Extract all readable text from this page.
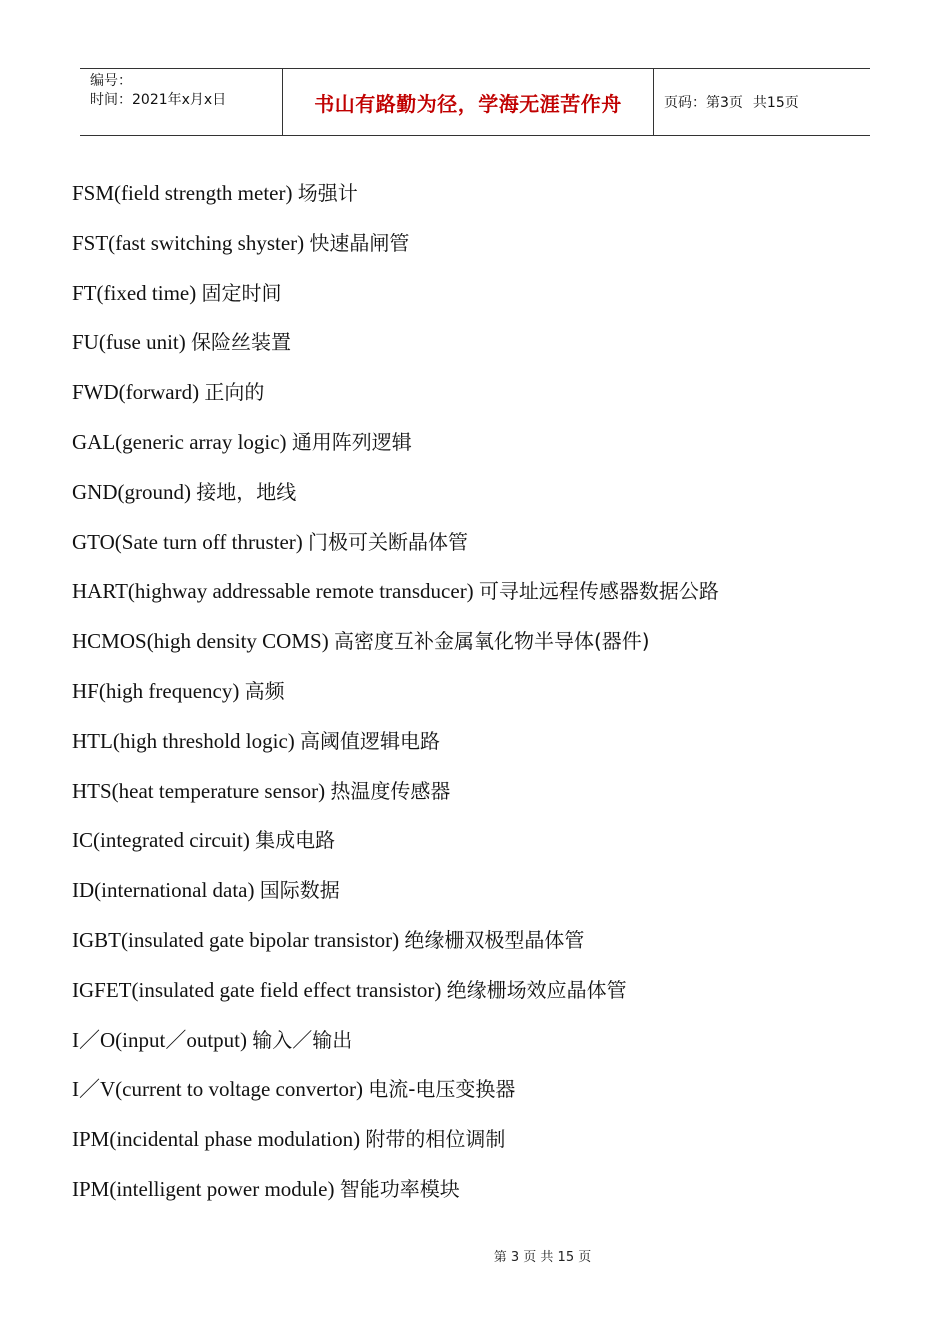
编号：
时间：2021年x月x日	书山有路勤为径，学海无涯苦作舟	页码：第3页 共15页
FSM(field strength meter) 场强计
FST(fast switching shyster) 快速晶闸管
FT(fixed time) 固定时间
FU(fuse unit) 保险丝装置
FWD(forward) 正向的
GAL(generic array logic) 通用阵列逻辑
GND(ground) 接地，地线
GTO(Sate turn off thruster) 门极可关断晶体管
HART(highway addressable remote transducer) 可寻址远程传感器数据公路
HCMOS(high density COMS) 高密度互补金属氧化物半导体(器件)
HF(high frequency) 高频
HTL(high threshold logic) 高阈值逻辑电路
HTS(heat temperature sensor) 热温度传感器
IC(integrated circuit) 集成电路
ID(international data) 国际数据
IGBT(insulated gate bipolar transistor) 绝缘栅双极型晶体管
IGFET(insulated gate field effect transistor) 绝缘栅场效应晶体管
I／O(input／output) 输入／输出
I／V(current to voltage convertor) 电流-电压变换器
IPM(incidental phase modulation) 附带的相位调制
IPM(intelligent power module) 智能功率模块
第 3 页 共 15 页
